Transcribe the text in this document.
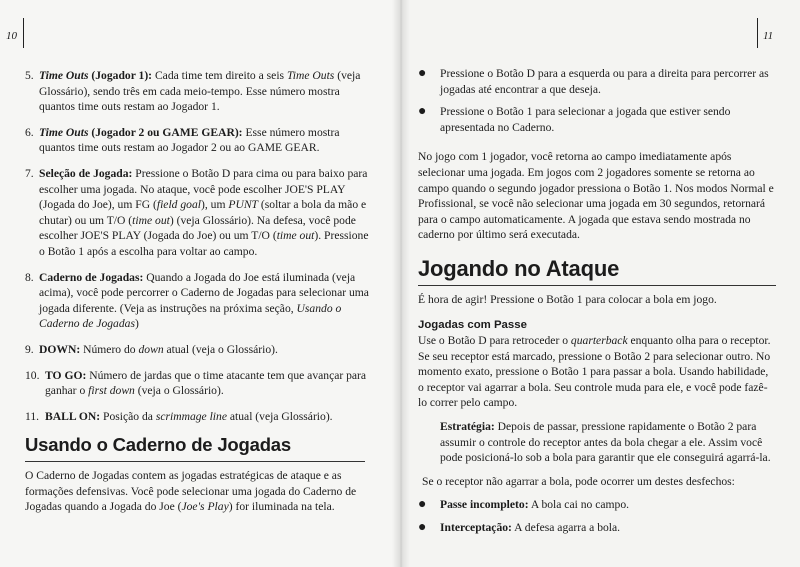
10	11
5. Time Outs (Jogador 1): Cada time tem direito a seis Time Outs (veja Glossário), sendo três em cada meio-tempo. Esse número mostra quantos time outs restam ao Jogador 1.
6. Time Outs (Jogador 2 ou GAME GEAR): Esse número mostra quantos time outs restam ao Jogador 2 ou ao GAME GEAR.
7. Seleção de Jogada: Pressione o Botão D para cima ou para baixo para escolher uma jogada. No ataque, você pode escolher JOE'S PLAY (Jogada do Joe), um FG (field goal), um PUNT (soltar a bola da mão e chutar) ou um T/O (time out) (veja Glossário). Na defesa, você pode escolher JOE'S PLAY (Jogada do Joe) ou um T/O (time out). Pressione o Botão 1 após a escolha para voltar ao campo.
8. Caderno de Jogadas: Quando a Jogada do Joe está iluminada (veja acima), você pode percorrer o Caderno de Jogadas para selecionar uma jogada diferente. (Veja as instruções na próxima seção, Usando o Caderno de Jogadas)
9. DOWN: Número do down atual (veja o Glossário).
10. TO GO: Número de jardas que o time atacante tem que avançar para ganhar o first down (veja o Glossário).
11. BALL ON: Posição da scrimmage line atual (veja Glossário).
Usando o Caderno de Jogadas

O Caderno de Jogadas contem as jogadas estratégicas de ataque e as formações defensivas. Você pode selecionar uma jogada do Caderno de Jogadas quando a Jogada do Joe (Joe's Play) for iluminada na tela.

●	Pressione o Botão D para a esquerda ou para a direita para percorrer as jogadas até encontrar a que deseja.
●	Pressione o Botão 1 para selecionar a jogada que estiver sendo apresentada no Caderno.

No jogo com 1 jogador, você retorna ao campo imediatamente após selecionar uma jogada. Em jogos com 2 jogadores somente se retorna ao campo quando o segundo jogador pressiona o Botão 1. Nos modos Normal e Profissional, se você não selecionar uma jogada em 30 segundos, retornará para o campo automaticamente. A jogada que estava sendo mostrada no caderno por último será executada.

Jogando no Ataque

É hora de agir! Pressione o Botão 1 para colocar a bola em jogo.

Jogadas com Passe

Use o Botão D para retroceder o quarterback enquanto olha para o receptor. Se seu receptor está marcado, pressione o Botão 2 para selecionar outro. No momento exato, pressione o Botão 1 para passar a bola. Usando habilidade, o receptor vai agarrar a bola. Seu controle muda para ele, e você pode fazê-lo correr pelo campo.

Estratégia: Depois de passar, pressione rapidamente o Botão 2 para assumir o controle do receptor antes da bola chegar a ele. Assim você pode posicioná-lo sob a bola para garantir que ele conseguirá agarrá-la.

Se o receptor não agarrar a bola, pode ocorrer um destes desfechos:

●	Passe incompleto: A bola cai no campo.
●	Interceptação: A defesa agarra a bola.
